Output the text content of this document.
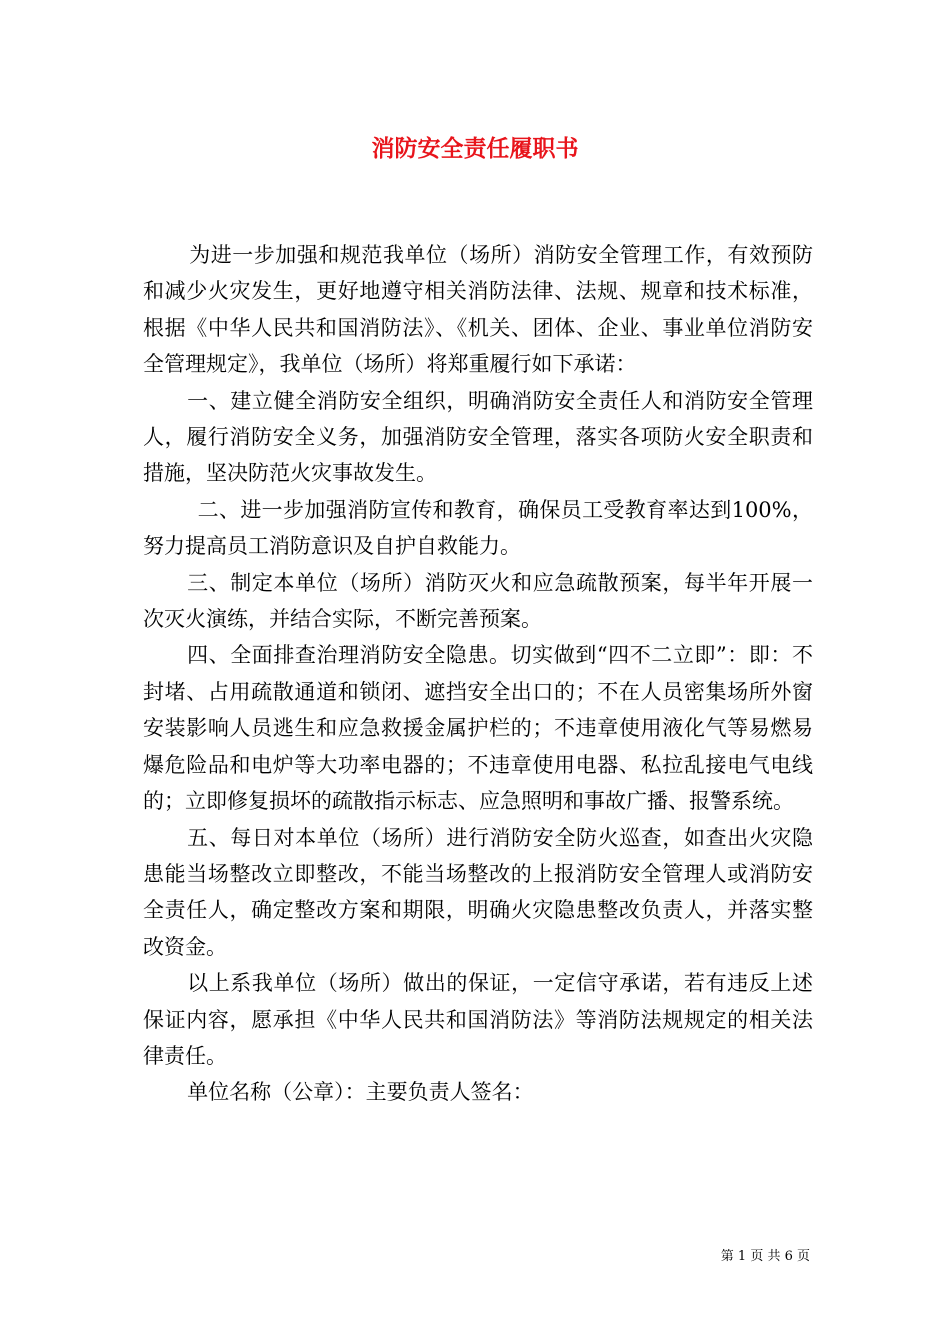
消防安全责任履职书

为进一步加强和规范我单位（场所）消防安全管理工作，有效预防和减少火灾发生，更好地遵守相关消防法律、法规、规章和技术标准，根据《中华人民共和国消防法》、《机关、团体、企业、事业单位消防安全管理规定》，我单位（场所）将郑重履行如下承诺：

一、建立健全消防安全组织，明确消防安全责任人和消防安全管理人，履行消防安全义务，加强消防安全管理，落实各项防火安全职责和措施，坚决防范火灾事故发生。

二、进一步加强消防宣传和教育，确保员工受教育率达到100%，努力提高员工消防意识及自护自救能力。

三、制定本单位（场所）消防灭火和应急疏散预案，每半年开展一次灭火演练，并结合实际，不断完善预案。

四、全面排查治理消防安全隐患。切实做到“四不二立即”：即：不封堵、占用疏散通道和锁闭、遮挡安全出口的；不在人员密集场所外窗安装影响人员逃生和应急救援金属护栏的；不违章使用液化气等易燃易爆危险品和电炉等大功率电器的；不违章使用电器、私拉乱接电气电线的；立即修复损坏的疏散指示标志、应急照明和事故广播、报警系统。

五、每日对本单位（场所）进行消防安全防火巡查，如查出火灾隐患能当场整改立即整改，不能当场整改的上报消防安全管理人或消防安全责任人，确定整改方案和期限，明确火灾隐患整改负责人，并落实整改资金。

以上系我单位（场所）做出的保证，一定信守承诺，若有违反上述保证内容，愿承担《中华人民共和国消防法》等消防法规规定的相关法律责任。

单位名称（公章）：主要负责人签名：

第 1 页 共 6 页
